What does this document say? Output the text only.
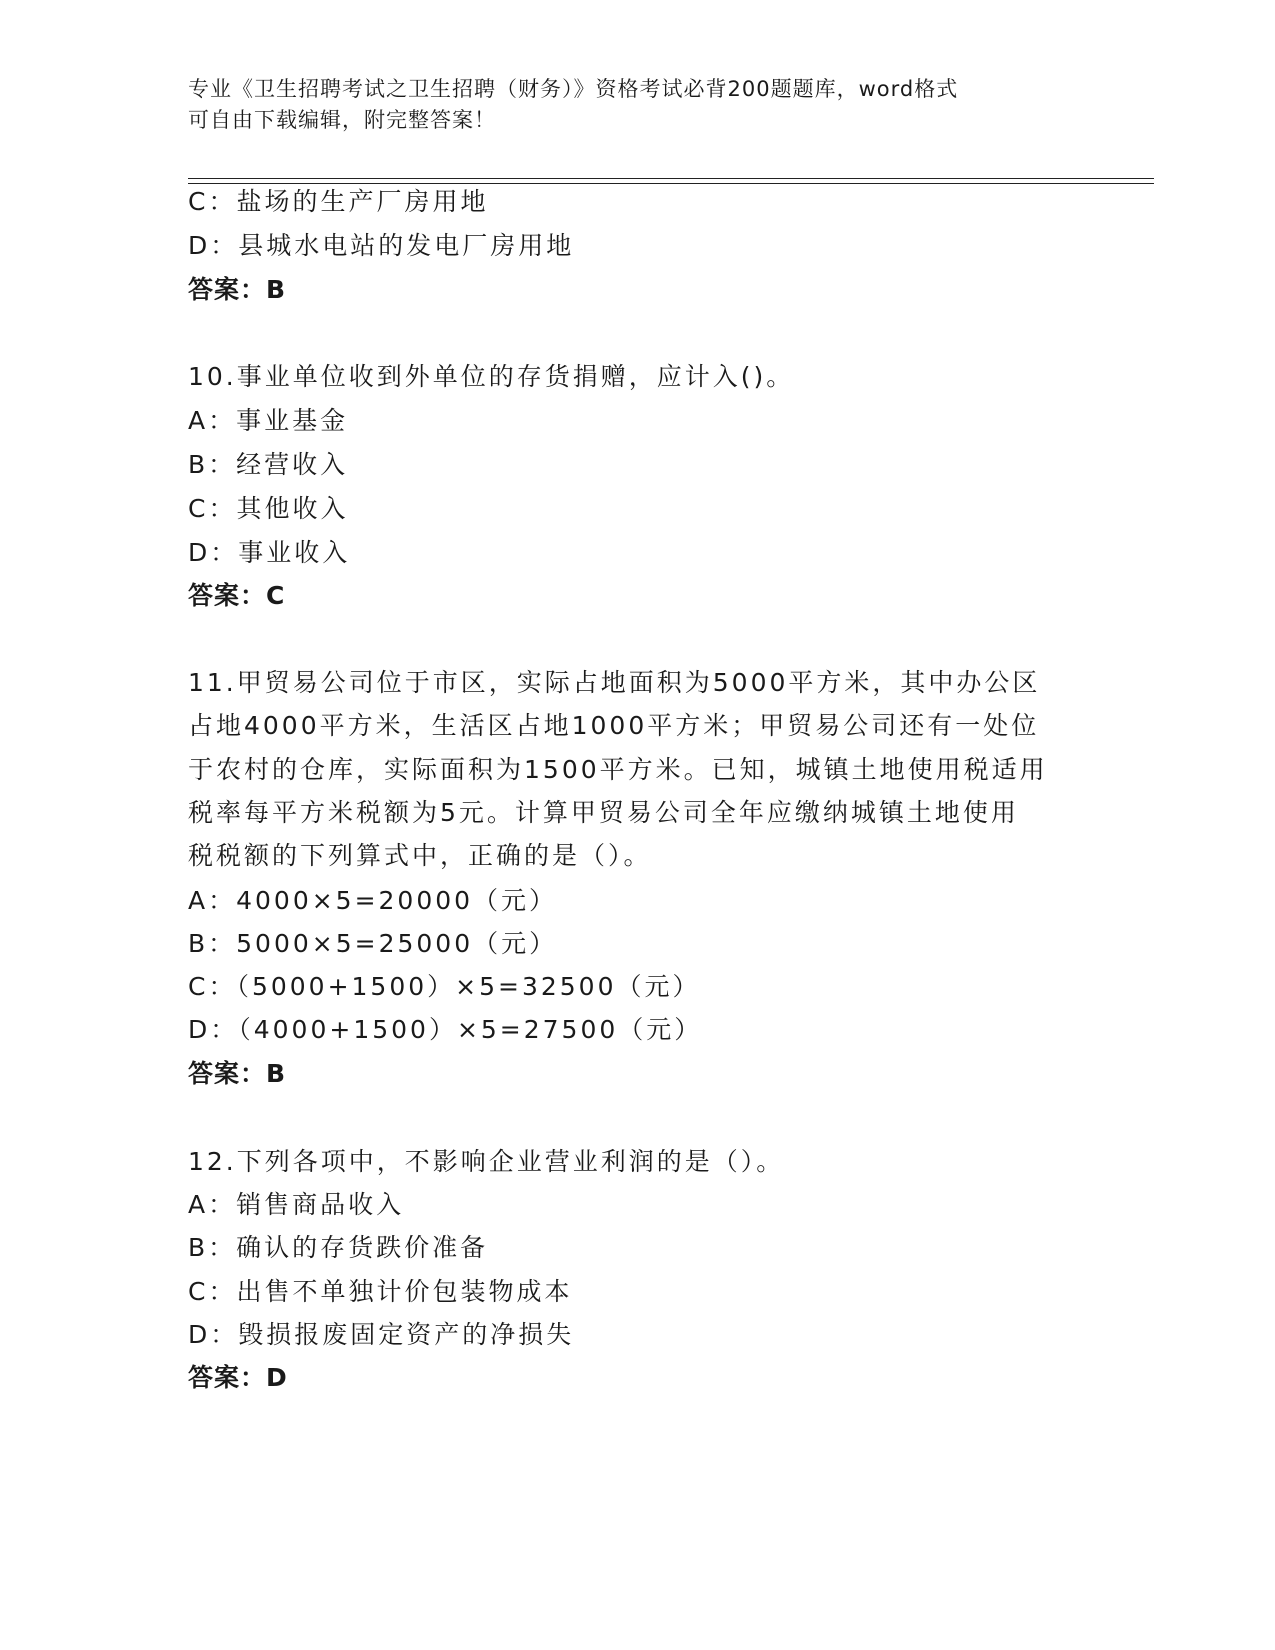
专业《卫生招聘考试之卫生招聘（财务）》资格考试必背200题题库，word格式
可自由下载编辑，附完整答案！
C：盐场的生产厂房用地
D：县城水电站的发电厂房用地
答案：B
10.事业单位收到外单位的存货捐赠，应计入()。
A：事业基金
B：经营收入
C：其他收入
D：事业收入
答案：C
11.甲贸易公司位于市区，实际占地面积为5000平方米，其中办公区
占地4000平方米，生活区占地1000平方米；甲贸易公司还有一处位
于农村的仓库，实际面积为1500平方米。已知，城镇土地使用税适用
税率每平方米税额为5元。计算甲贸易公司全年应缴纳城镇土地使用
税税额的下列算式中，正确的是（）。
A：4000×5=20000（元）
B：5000×5=25000（元）
C：（5000+1500）×5=32500（元）
D：（4000+1500）×5=27500（元）
答案：B
12.下列各项中，不影响企业营业利润的是（）。
A：销售商品收入
B：确认的存货跌价准备
C：出售不单独计价包装物成本
D：毁损报废固定资产的净损失
答案：D
